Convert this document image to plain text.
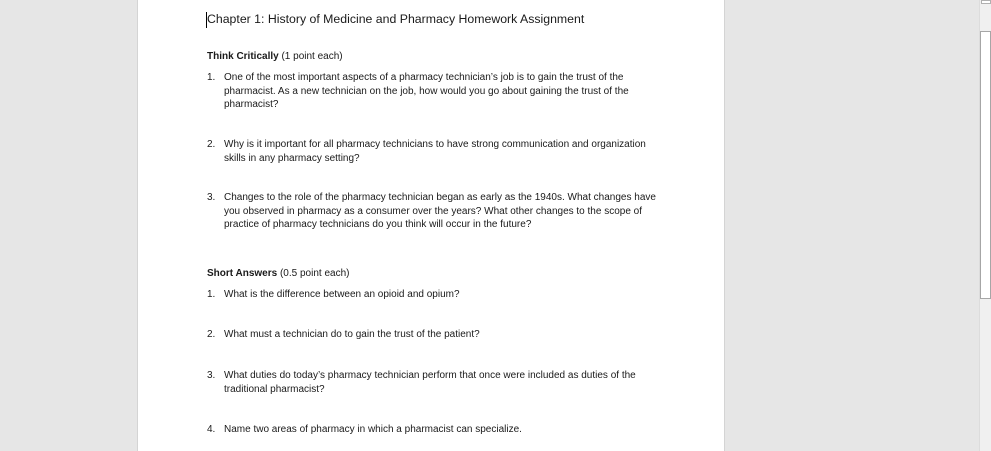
Chapter 1: History of Medicine and Pharmacy Homework Assignment
Think Critically (1 point each)
1. One of the most important aspects of a pharmacy technician’s job is to gain the trust of the pharmacist. As a new technician on the job, how would you go about gaining the trust of the pharmacist?
2. Why is it important for all pharmacy technicians to have strong communication and organization skills in any pharmacy setting?
3. Changes to the role of the pharmacy technician began as early as the 1940s. What changes have you observed in pharmacy as a consumer over the years? What other changes to the scope of practice of pharmacy technicians do you think will occur in the future?
Short Answers (0.5 point each)
1. What is the difference between an opioid and opium?
2. What must a technician do to gain the trust of the patient?
3. What duties do today’s pharmacy technician perform that once were included as duties of the traditional pharmacist?
4. Name two areas of pharmacy in which a pharmacist can specialize.
